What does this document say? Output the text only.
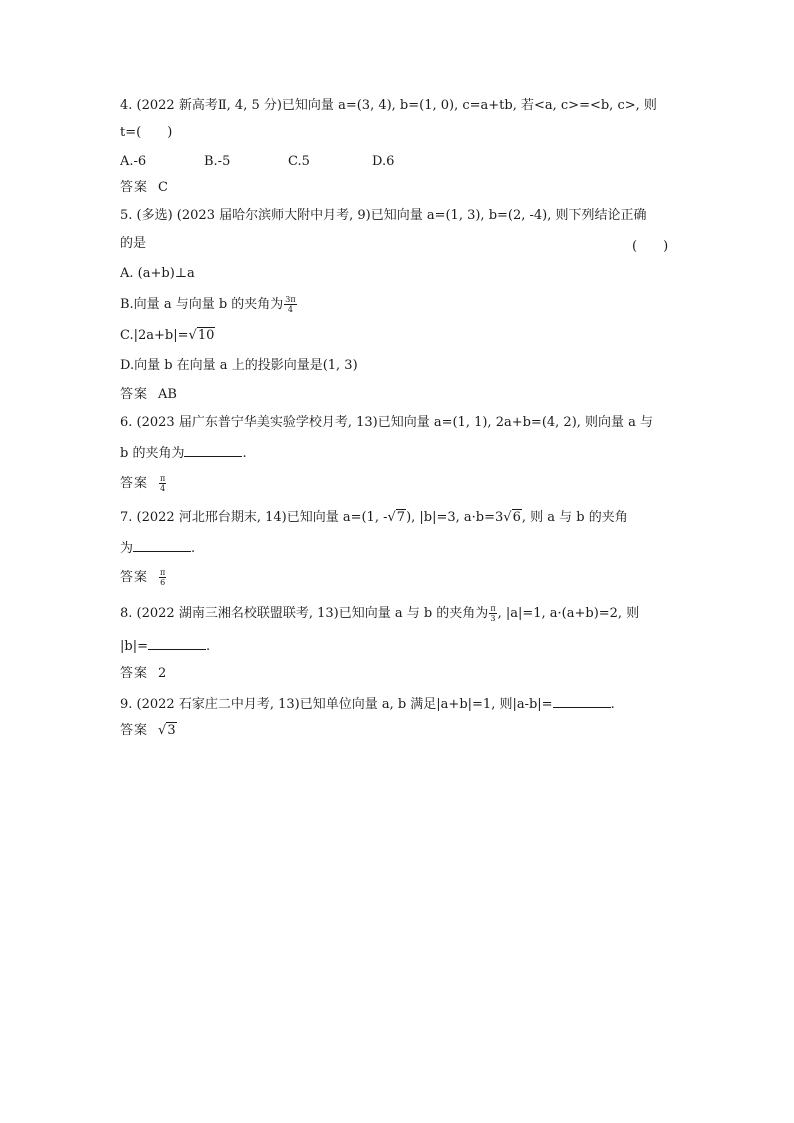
4. (2022 新高考Ⅱ, 4, 5 分)已知向量 a=(3, 4), b=(1, 0), c=a+tb, 若<a, c>=<b, c>, 则
t=(　　)
A.-6	B.-5	C.5	D.6
答案 C
5. (多选) (2023 届哈尔滨师大附中月考, 9)已知向量 a=(1, 3), b=(2, -4), 则下列结论正确
的是	(　　)
A. (a+b)⊥a
B.向量 a 与向量 b 的夹角为 $\frac{3\pi}{4}$
C.|2a+b|=√10
D.向量 b 在向量 a 上的投影向量是(1, 3)
答案 AB
6. (2023 届广东普宁华美实验学校月考, 13)已知向量 a=(1, 1), 2a+b=(4, 2), 则向量 a 与
b 的夹角为	.
答案 $\frac{\pi}{4}$
7. (2022 河北邢台期末, 14)已知向量 a=(1, -√7), |b|=3, a·b=3√6, 则 a 与 b 的夹角
为	.
答案 $\frac{\pi}{6}$
8. (2022 湖南三湘名校联盟联考, 13)已知向量 a 与 b 的夹角为 $\frac{\pi}{3}$ , |a|=1, a·(a+b)=2, 则
|b|=	.
答案 2
9. (2022 石家庄二中月考, 13)已知单位向量 a, b 满足|a+b|=1, 则|a-b|=	.
答案 √3
